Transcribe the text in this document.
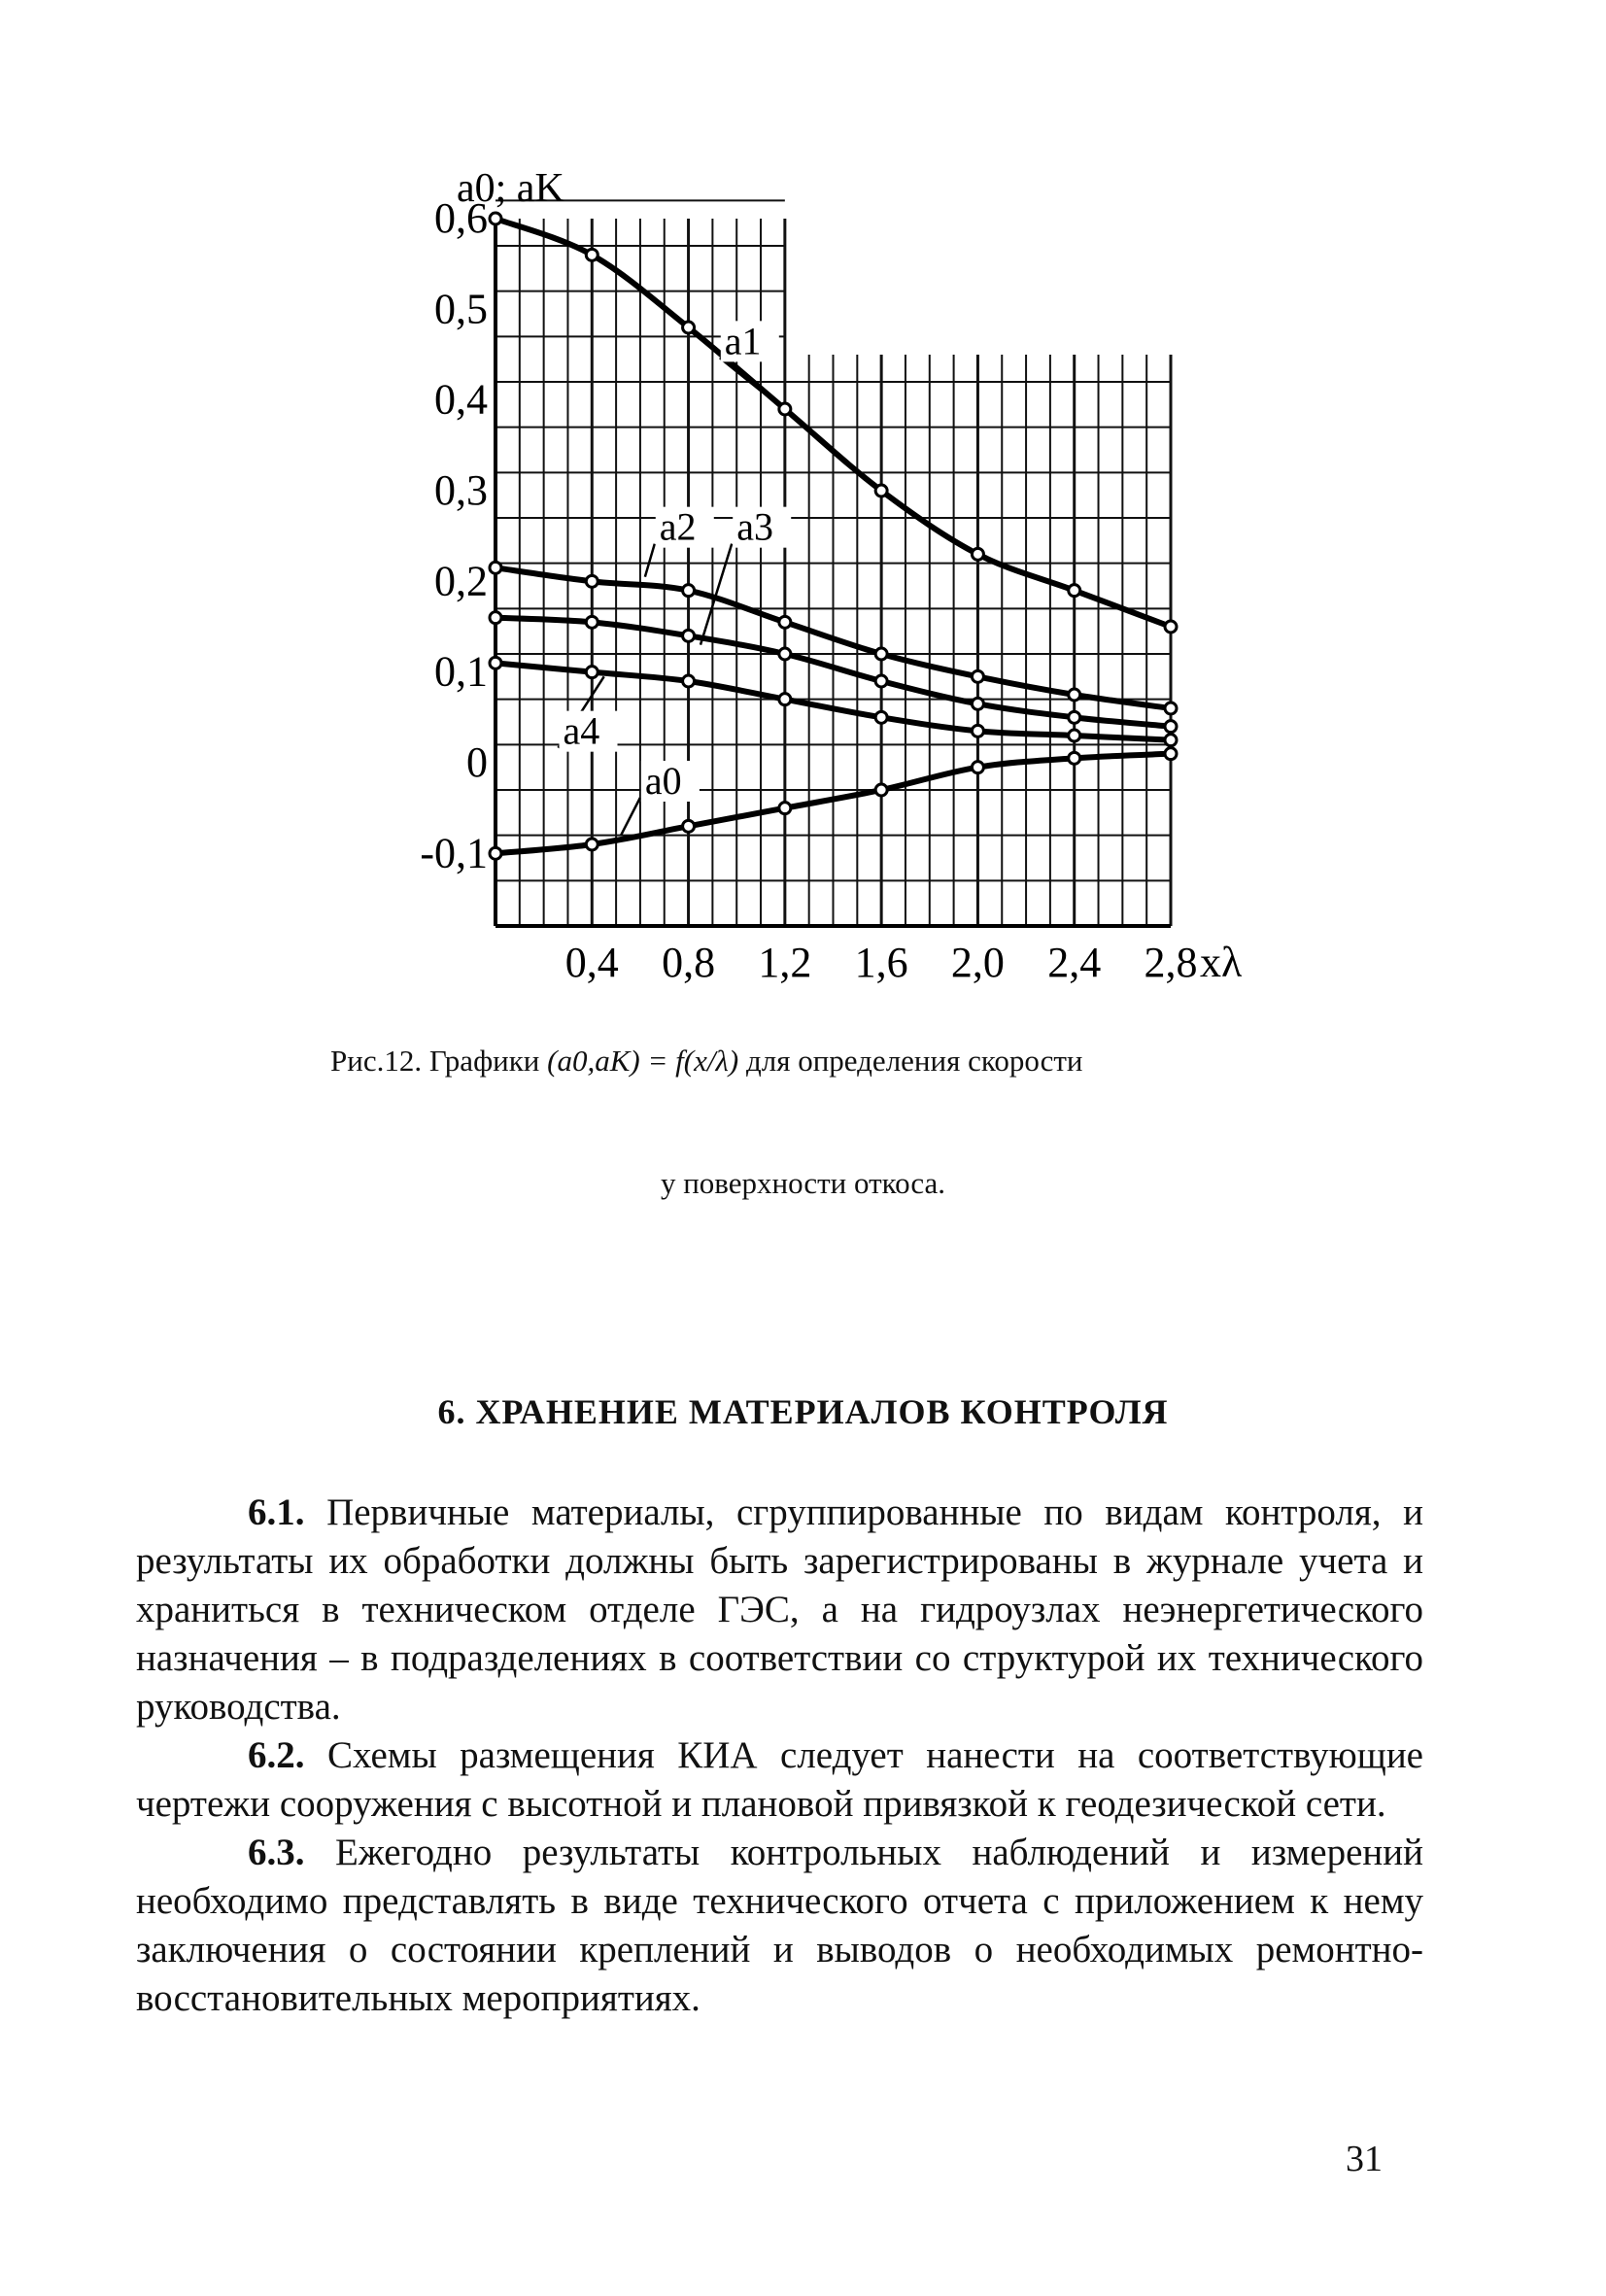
a1
a2 a3
a4
a0
0,6
0,5
0,4
0,3
0,2
0,1
0
-0,1
0,4 0,8 1,2 1,6 2,0 2,4 2,8
a0; aK
xλ
Рис.12. Графики (a0,aK) = f(x/λ) для определения скорости
у поверхности откоса.
6. ХРАНЕНИЕ МАТЕРИАЛОВ КОНТРОЛЯ

6.1. Первичные материалы, сгруппированные по видам контроля, и результаты их обработки должны быть зарегистрированы в журнале учета и храниться в техническом отделе ГЭС, а на гидроузлах неэнергетического назначения – в подразделениях в соответствии со структурой их технического руководства.

6.2. Схемы размещения КИА следует нанести на соответствующие чертежи сооружения с высотной и плановой привязкой к геодезической сети.

6.3. Ежегодно результаты контрольных наблюдений и измерений необходимо представлять в виде технического отчета с приложением к нему заключения о состоянии креплений и выводов о необходимых ремонтно-восстановительных мероприятиях.

31
